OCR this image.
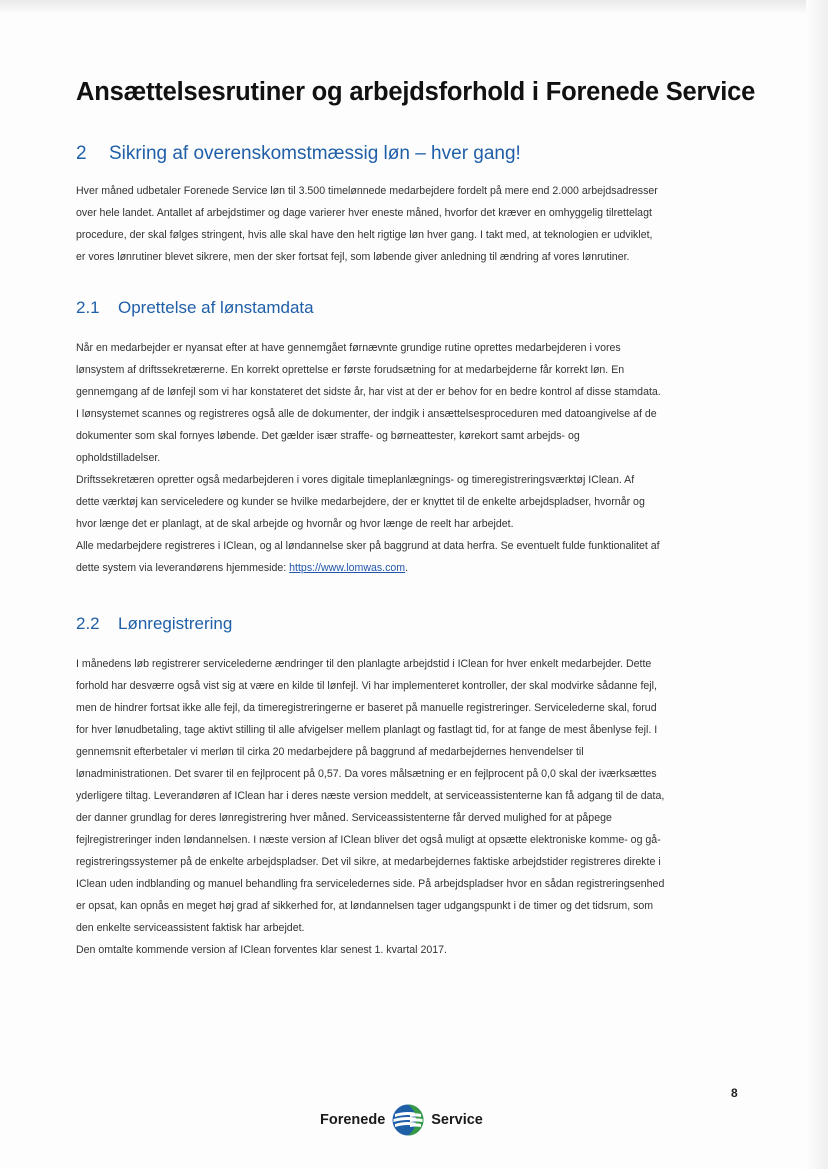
Ansættelsesrutiner og arbejdsforhold i Forenede Service
2 Sikring af overenskomstmæssig løn – hver gang!
Hver måned udbetaler Forenede Service løn til 3.500 timelønnede medarbejdere fordelt på mere end 2.000 arbejdsadresser
over hele landet. Antallet af arbejdstimer og dage varierer hver eneste måned, hvorfor det kræver en omhyggelig tilrettelagt
procedure, der skal følges stringent, hvis alle skal have den helt rigtige løn hver gang. I takt med, at teknologien er udviklet,
er vores lønrutiner blevet sikrere, men der sker fortsat fejl, som løbende giver anledning til ændring af vores lønrutiner.
2.1 Oprettelse af lønstamdata
Når en medarbejder er nyansat efter at have gennemgået førnævnte grundige rutine oprettes medarbejderen i vores
lønsystem af driftssekretærerne. En korrekt oprettelse er første forudsætning for at medarbejderne får korrekt løn. En
gennemgang af de lønfejl som vi har konstateret det sidste år, har vist at der er behov for en bedre kontrol af disse stamdata.
I lønsystemet scannes og registreres også alle de dokumenter, der indgik i ansættelsesproceduren med datoangivelse af de
dokumenter som skal fornyes løbende. Det gælder især straffe- og børneattester, kørekort samt arbejds- og
opholdstilladelser.
Driftssekretæren opretter også medarbejderen i vores digitale timeplanlægnings- og timeregistreringsværktøj IClean. Af
dette værktøj kan serviceledere og kunder se hvilke medarbejdere, der er knyttet til de enkelte arbejdspladser, hvornår og
hvor længe det er planlagt, at de skal arbejde og hvornår og hvor længe de reelt har arbejdet.
Alle medarbejdere registreres i IClean, og al løndannelse sker på baggrund at data herfra. Se eventuelt fulde funktionalitet af
dette system via leverandørens hjemmeside: https://www.lomwas.com.
2.2 Lønregistrering
I månedens løb registrerer servicelederne ændringer til den planlagte arbejdstid i IClean for hver enkelt medarbejder. Dette
forhold har desværre også vist sig at være en kilde til lønfejl. Vi har implementeret kontroller, der skal modvirke sådanne fejl,
men de hindrer fortsat ikke alle fejl, da timeregistreringerne er baseret på manuelle registreringer. Servicelederne skal, forud
for hver lønudbetaling, tage aktivt stilling til alle afvigelser mellem planlagt og fastlagt tid, for at fange de mest åbenlyse fejl. I
gennemsnit efterbetaler vi merløn til cirka 20 medarbejdere på baggrund af medarbejdernes henvendelser til
lønadministrationen. Det svarer til en fejlprocent på 0,57. Da vores målsætning er en fejlprocent på 0,0 skal der iværksættes
yderligere tiltag. Leverandøren af IClean har i deres næste version meddelt, at serviceassistenterne kan få adgang til de data,
der danner grundlag for deres lønregistrering hver måned. Serviceassistenterne får derved mulighed for at påpege
fejlregistreringer inden løndannelsen. I næste version af IClean bliver det også muligt at opsætte elektroniske komme- og gå-
registreringssystemer på de enkelte arbejdspladser. Det vil sikre, at medarbejdernes faktiske arbejdstider registreres direkte i
IClean uden indblanding og manuel behandling fra serviceledernes side. På arbejdspladser hvor en sådan registreringsenhed
er opsat, kan opnås en meget høj grad af sikkerhed for, at løndannelsen tager udgangspunkt i de timer og det tidsrum, som
den enkelte serviceassistent faktisk har arbejdet.
Den omtalte kommende version af IClean forventes klar senest 1. kvartal 2017.
8
Forenede	Service
